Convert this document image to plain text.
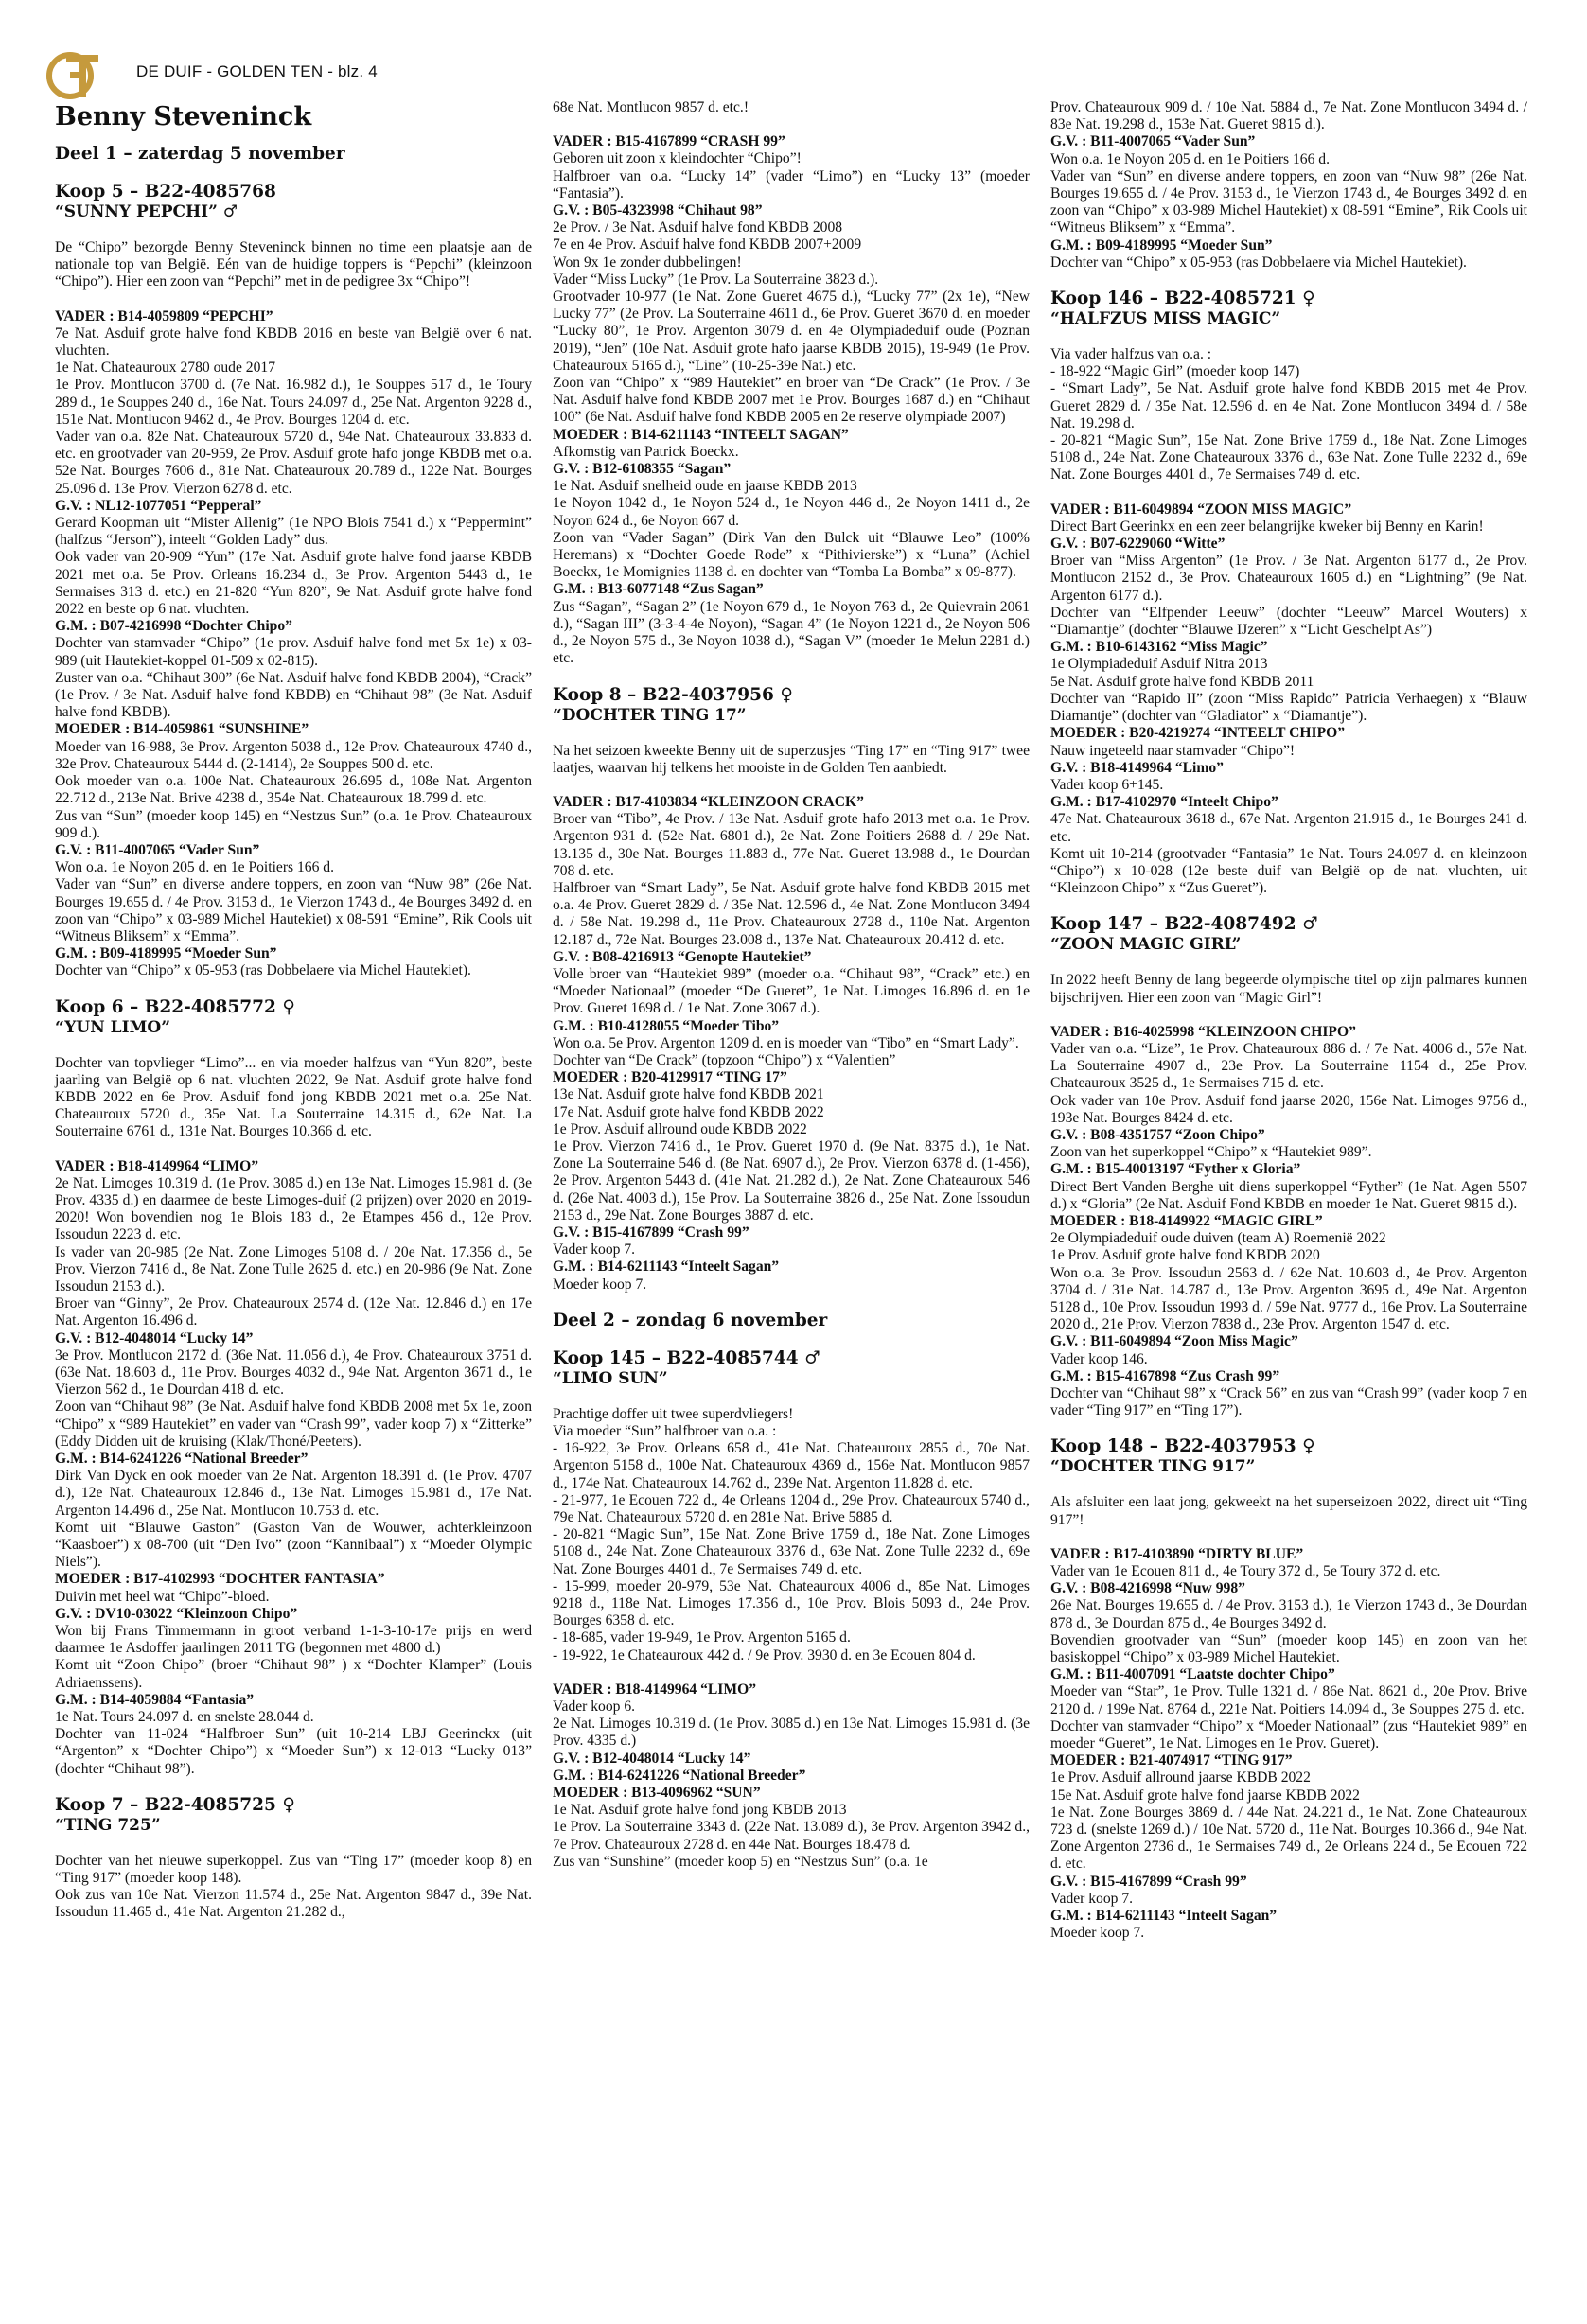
DE DUIF - GOLDEN TEN - blz. 4
Benny Steveninck
Deel 1 – zaterdag 5 november
Koop 5 – B22-4085768
“SUNNY PEPCHI” ♂
De “Chipo” bezorgde Benny Steveninck binnen no time een plaatsje aan de nationale top van België. Eén van de huidige toppers is “Pepchi” (kleinzoon “Chipo”). Hier een zoon van “Pepchi” met in de pedigree 3x “Chipo”!
VADER : B14-4059809 “PEPCHI”
7e Nat. Asduif grote halve fond KBDB 2016 en beste van België over 6 nat. vluchten.
1e Nat. Chateauroux 2780 oude 2017
1e Prov. Montlucon 3700 d. (7e Nat. 16.982 d.), 1e Souppes 517 d., 1e Toury 289 d., 1e Souppes 240 d., 16e Nat. Tours 24.097 d., 25e Nat. Argenton 9228 d., 151e Nat. Montlucon 9462 d., 4e Prov. Bourges 1204 d. etc.
Vader van o.a. 82e Nat. Chateauroux 5720 d., 94e Nat. Chateauroux 33.833 d. etc. en grootvader van 20-959, 2e Prov. Asduif grote hafo jonge KBDB met o.a. 52e Nat. Bourges 7606 d., 81e Nat. Chateauroux 20.789 d., 122e Nat. Bourges 25.096 d. 13e Prov. Vierzon 6278 d. etc.
G.V. : NL12-1077051 “Pepperal”
Gerard Koopman uit “Mister Allenig” (1e NPO Blois 7541 d.) x “Peppermint” (halfzus “Jerson”), inteelt “Golden Lady” dus.
Ook vader van 20-909 “Yun” (17e Nat. Asduif grote halve fond jaarse KBDB 2021 met o.a. 5e Prov. Orleans 16.234 d., 3e Prov. Argenton 5443 d., 1e Sermaises 313 d. etc.) en 21-820 “Yun 820”, 9e Nat. Asduif grote halve fond 2022 en beste op 6 nat. vluchten.
G.M. : B07-4216998 “Dochter Chipo”
Dochter van stamvader “Chipo” (1e prov. Asduif halve fond met 5x 1e) x 03-989 (uit Hautekiet-koppel 01-509 x 02-815).
Zuster van o.a. “Chihaut 300” (6e Nat. Asduif halve fond KBDB 2004), “Crack” (1e Prov. / 3e Nat. Asduif halve fond KBDB) en “Chihaut 98” (3e Nat. Asduif halve fond KBDB).
MOEDER : B14-4059861 “SUNSHINE”
Moeder van 16-988, 3e Prov. Argenton 5038 d., 12e Prov. Chateauroux 4740 d., 32e Prov. Chateauroux 5444 d. (2-1414), 2e Souppes 500 d. etc.
Ook moeder van o.a. 100e Nat. Chateauroux 26.695 d., 108e Nat. Argenton 22.712 d., 213e Nat. Brive 4238 d., 354e Nat. Chateauroux 18.799 d. etc.
Zus van “Sun” (moeder koop 145) en “Nestzus Sun” (o.a. 1e Prov. Chateauroux 909 d.).
G.V. : B11-4007065 “Vader Sun”
Won o.a. 1e Noyon 205 d. en 1e Poitiers 166 d.
Vader van “Sun” en diverse andere toppers, en zoon van “Nuw 98” (26e Nat. Bourges 19.655 d. / 4e Prov. 3153 d., 1e Vierzon 1743 d., 4e Bourges 3492 d. en zoon van “Chipo” x 03-989 Michel Hautekiet) x 08-591 “Emine”, Rik Cools uit “Witneus Bliksem” x “Emma”.
G.M. : B09-4189995 “Moeder Sun”
Dochter van “Chipo” x 05-953 (ras Dobbelaere via Michel Hautekiet).
Koop 6 – B22-4085772 ♀
“YUN LIMO”
Dochter van topvlieger “Limo”... en via moeder halfzus van “Yun 820”, beste jaarling van België op 6 nat. vluchten 2022, 9e Nat. Asduif grote halve fond KBDB 2022 en 6e Prov. Asduif fond jong KBDB 2021 met o.a. 25e Nat. Chateauroux 5720 d., 35e Nat. La Souterraine 14.315 d., 62e Nat. La Souterraine 6761 d., 131e Nat. Bourges 10.366 d. etc.
VADER : B18-4149964 “LIMO”
2e Nat. Limoges 10.319 d. (1e Prov. 3085 d.) en 13e Nat. Limoges 15.981 d. (3e Prov. 4335 d.) en daarmee de beste Limoges-duif (2 prijzen) over 2020 en 2019-2020! Won bovendien nog 1e Blois 183 d., 2e Etampes 456 d., 12e Prov. Issoudun 2223 d. etc.
Is vader van 20-985 (2e Nat. Zone Limoges 5108 d. / 20e Nat. 17.356 d., 5e Prov. Vierzon 7416 d., 8e Nat. Zone Tulle 2625 d. etc.) en 20-986 (9e Nat. Zone Issoudun 2153 d.).
Broer van “Ginny”, 2e Prov. Chateauroux 2574 d. (12e Nat. 12.846 d.) en 17e Nat. Argenton 16.496 d.
G.V. : B12-4048014 “Lucky 14”
3e Prov. Montlucon 2172 d. (36e Nat. 11.056 d.), 4e Prov. Chateauroux 3751 d. (63e Nat. 18.603 d., 11e Prov. Bourges 4032 d., 94e Nat. Argenton 3671 d., 1e Vierzon 562 d., 1e Dourdan 418 d. etc.
Zoon van “Chihaut 98” (3e Nat. Asduif halve fond KBDB 2008 met 5x 1e, zoon “Chipo” x “989 Hautekiet” en vader van “Crash 99”, vader koop 7) x “Zitterke” (Eddy Didden uit de kruising (Klak/Thoné/Peeters).
G.M. : B14-6241226 “National Breeder”
Dirk Van Dyck en ook moeder van 2e Nat. Argenton 18.391 d. (1e Prov. 4707 d.), 12e Nat. Chateauroux 12.846 d., 13e Nat. Limoges 15.981 d., 17e Nat. Argenton 14.496 d., 25e Nat. Montlucon 10.753 d. etc.
Komt uit “Blauwe Gaston” (Gaston Van de Wouwer, achterkleinzoon “Kaasboer”) x 08-700 (uit “Den Ivo” (zoon “Kannibaal”) x “Moeder Olympic Niels”).
MOEDER : B17-4102993 “DOCHTER FANTASIA”
Duivin met heel wat “Chipo”-bloed.
G.V. : DV10-03022 “Kleinzoon Chipo”
Won bij Frans Timmermann in groot verband 1-1-3-10-17e prijs en werd daarmee 1e Asdoffer jaarlingen 2011 TG (begonnen met 4800 d.)
Komt uit “Zoon Chipo” (broer “Chihaut 98” ) x “Dochter Klamper” (Louis Adriaenssens).
G.M. : B14-4059884 “Fantasia”
1e Nat. Tours 24.097 d. en snelste 28.044 d.
Dochter van 11-024 “Halfbroer Sun” (uit 10-214 LBJ Geerinckx (uit “Argenton” x “Dochter Chipo”) x “Moeder Sun”) x 12-013 “Lucky 013” (dochter “Chihaut 98”).
Koop 7 – B22-4085725 ♀
“TING 725”
Dochter van het nieuwe superkoppel. Zus van “Ting 17” (moeder koop 8) en “Ting 917” (moeder koop 148).
Ook zus van 10e Nat. Vierzon 11.574 d., 25e Nat. Argenton 9847 d., 39e Nat. Issoudun 11.465 d., 41e Nat. Argenton 21.282 d.,
68e Nat. Montlucon 9857 d. etc.!
VADER : B15-4167899 “CRASH 99”
Geboren uit zoon x kleindochter “Chipo”!
Halfbroer van o.a. “Lucky 14” (vader “Limo”) en “Lucky 13” (moeder “Fantasia”).
G.V. : B05-4323998 “Chihaut 98”
2e Prov. / 3e Nat. Asduif halve fond KBDB 2008
7e en 4e Prov. Asduif halve fond KBDB 2007+2009
Won 9x 1e zonder dubbelingen!
Vader “Miss Lucky” (1e Prov. La Souterraine 3823 d.).
Grootvader 10-977 (1e Nat. Zone Gueret 4675 d.), “Lucky 77” (2x 1e), “New Lucky 77” (2e Prov. La Souterraine 4611 d., 6e Prov. Gueret 3670 d. en moeder “Lucky 80”, 1e Prov. Argenton 3079 d. en 4e Olympiadeduif oude (Poznan 2019), “Jen” (10e Nat. Asduif grote hafo jaarse KBDB 2015), 19-949 (1e Prov. Chateauroux 5165 d.), “Line” (10-25-39e Nat.) etc.
Zoon van “Chipo” x “989 Hautekiet” en broer van “De Crack” (1e Prov. / 3e Nat. Asduif halve fond KBDB 2007 met 1e Prov. Bourges 1687 d.) en “Chihaut 100” (6e Nat. Asduif halve fond KBDB 2005 en 2e reserve olympiade 2007)
MOEDER : B14-6211143 “INTEELT SAGAN”
Afkomstig van Patrick Boeckx.
G.V. : B12-6108355 “Sagan”
1e Nat. Asduif snelheid oude en jaarse KBDB 2013
1e Noyon 1042 d., 1e Noyon 524 d., 1e Noyon 446 d., 2e Noyon 1411 d., 2e Noyon 624 d., 6e Noyon 667 d.
Zoon van “Vader Sagan” (Dirk Van den Bulck uit “Blauwe Leo” (100% Heremans) x “Dochter Goede Rode” x “Pithivierske”) x “Luna” (Achiel Boeckx, 1e Momignies 1138 d. en dochter van “Tomba La Bomba” x 09-877).
G.M. : B13-6077148 “Zus Sagan”
Zus “Sagan”, “Sagan 2” (1e Noyon 679 d., 1e Noyon 763 d., 2e Quievrain 2061 d.), “Sagan III” (3-3-4-4e Noyon), “Sagan 4” (1e Noyon 1221 d., 2e Noyon 506 d., 2e Noyon 575 d., 3e Noyon 1038 d.), “Sagan V” (moeder 1e Melun 2281 d.) etc.
Koop 8 – B22-4037956 ♀
“DOCHTER TING 17”
Na het seizoen kweekte Benny uit de superzusjes “Ting 17” en “Ting 917” twee laatjes, waarvan hij telkens het mooiste in de Golden Ten aanbiedt.
VADER : B17-4103834 “KLEINZOON CRACK”
Broer van “Tibo”, 4e Prov. / 13e Nat. Asduif grote hafo 2013 met o.a. 1e Prov. Argenton 931 d. (52e Nat. 6801 d.), 2e Nat. Zone Poitiers 2688 d. / 29e Nat. 13.135 d., 30e Nat. Bourges 11.883 d., 77e Nat. Gueret 13.988 d., 1e Dourdan 708 d. etc.
Halfbroer van “Smart Lady”, 5e Nat. Asduif grote halve fond KBDB 2015 met o.a. 4e Prov. Gueret 2829 d. / 35e Nat. 12.596 d., 4e Nat. Zone Montlucon 3494 d. / 58e Nat. 19.298 d., 11e Prov. Chateauroux 2728 d., 110e Nat. Argenton 12.187 d., 72e Nat. Bourges 23.008 d., 137e Nat. Chateauroux 20.412 d. etc.
G.V. : B08-4216913 “Genopte Hautekiet”
Volle broer van “Hautekiet 989” (moeder o.a. “Chihaut 98”, “Crack” etc.) en “Moeder Nationaal” (moeder “De Gueret”, 1e Nat. Limoges 16.896 d. en 1e Prov. Gueret 1698 d. / 1e Nat. Zone 3067 d.).
G.M. : B10-4128055 “Moeder Tibo”
Won o.a. 5e Prov. Argenton 1209 d. en is moeder van “Tibo” en “Smart Lady”.
Dochter van “De Crack” (topzoon “Chipo”) x “Valentien”
MOEDER : B20-4129917 “TING 17”
13e Nat. Asduif grote halve fond KBDB 2021
17e Nat. Asduif grote halve fond KBDB 2022
1e Prov. Asduif allround oude KBDB 2022
1e Prov. Vierzon 7416 d., 1e Prov. Gueret 1970 d. (9e Nat. 8375 d.), 1e Nat. Zone La Souterraine 546 d. (8e Nat. 6907 d.), 2e Prov. Vierzon 6378 d. (1-456), 2e Prov. Argenton 5443 d. (41e Nat. 21.282 d.), 2e Nat. Zone Chateauroux 546 d. (26e Nat. 4003 d.), 15e Prov. La Souterraine 3826 d., 25e Nat. Zone Issoudun 2153 d., 29e Nat. Zone Bourges 3887 d. etc.
G.V. : B15-4167899 “Crash 99”
Vader koop 7.
G.M. : B14-6211143 “Inteelt Sagan”
Moeder koop 7.
Deel 2 – zondag 6 november
Koop 145 – B22-4085744 ♂
“LIMO SUN”
Prachtige doffer uit twee superdvliegers!
Via moeder “Sun” halfbroer van o.a. :
- 16-922, 3e Prov. Orleans 658 d., 41e Nat. Chateauroux 2855 d., 70e Nat. Argenton 5158 d., 100e Nat. Chateauroux 4369 d., 156e Nat. Montlucon 9857 d., 174e Nat. Chateauroux 14.762 d., 239e Nat. Argenton 11.828 d. etc.
- 21-977, 1e Ecouen 722 d., 4e Orleans 1204 d., 29e Prov. Chateauroux 5740 d., 79e Nat. Chateauroux 5720 d. en 281e Nat. Brive 5885 d.
- 20-821 “Magic Sun”, 15e Nat. Zone Brive 1759 d., 18e Nat. Zone Limoges 5108 d., 24e Nat. Zone Chateauroux 3376 d., 63e Nat. Zone Tulle 2232 d., 69e Nat. Zone Bourges 4401 d., 7e Sermaises 749 d. etc.
- 15-999, moeder 20-979, 53e Nat. Chateauroux 4006 d., 85e Nat. Limoges 9218 d., 118e Nat. Limoges 17.356 d., 10e Prov. Blois 5093 d., 24e Prov. Bourges 6358 d. etc.
- 18-685, vader 19-949, 1e Prov. Argenton 5165 d.
- 19-922, 1e Chateauroux 442 d. / 9e Prov. 3930 d. en 3e Ecouen 804 d.
VADER : B18-4149964 “LIMO”
Vader koop 6.
2e Nat. Limoges 10.319 d. (1e Prov. 3085 d.) en 13e Nat. Limoges 15.981 d. (3e Prov. 4335 d.)
G.V. : B12-4048014 “Lucky 14”
G.M. : B14-6241226 “National Breeder”
MOEDER : B13-4096962 “SUN”
1e Nat. Asduif grote halve fond jong KBDB 2013
1e Prov. La Souterraine 3343 d. (22e Nat. 13.089 d.), 3e Prov. Argenton 3942 d., 7e Prov. Chateauroux 2728 d. en 44e Nat. Bourges 18.478 d.
Zus van “Sunshine” (moeder koop 5) en “Nestzus Sun” (o.a. 1e
Prov. Chateauroux 909 d. / 10e Nat. 5884 d., 7e Nat. Zone Montlucon 3494 d. / 83e Nat. 19.298 d., 153e Nat. Gueret 9815 d.).
G.V. : B11-4007065 “Vader Sun”
Won o.a. 1e Noyon 205 d. en 1e Poitiers 166 d.
Vader van “Sun” en diverse andere toppers, en zoon van “Nuw 98” (26e Nat. Bourges 19.655 d. / 4e Prov. 3153 d., 1e Vierzon 1743 d., 4e Bourges 3492 d. en zoon van “Chipo” x 03-989 Michel Hautekiet) x 08-591 “Emine”, Rik Cools uit “Witneus Bliksem” x “Emma”.
G.M. : B09-4189995 “Moeder Sun”
Dochter van “Chipo” x 05-953 (ras Dobbelaere via Michel Hautekiet).
Koop 146 – B22-4085721 ♀
“HALFZUS MISS MAGIC”
Via vader halfzus van o.a. :
- 18-922 “Magic Girl” (moeder koop 147)
- “Smart Lady”, 5e Nat. Asduif grote halve fond KBDB 2015 met 4e Prov. Gueret 2829 d. / 35e Nat. 12.596 d. en 4e Nat. Zone Montlucon 3494 d. / 58e Nat. 19.298 d.
- 20-821 “Magic Sun”, 15e Nat. Zone Brive 1759 d., 18e Nat. Zone Limoges 5108 d., 24e Nat. Zone Chateauroux 3376 d., 63e Nat. Zone Tulle 2232 d., 69e Nat. Zone Bourges 4401 d., 7e Sermaises 749 d. etc.
VADER : B11-6049894 “ZOON MISS MAGIC”
Direct Bart Geerinkx en een zeer belangrijke kweker bij Benny en Karin!
G.V. : B07-6229060 “Witte”
Broer van “Miss Argenton” (1e Prov. / 3e Nat. Argenton 6177 d., 2e Prov. Montlucon 2152 d., 3e Prov. Chateauroux 1605 d.) en “Lightning” (9e Nat. Argenton 6177 d.).
Dochter van “Elfpender Leeuw” (dochter “Leeuw” Marcel Wouters) x “Diamantje” (dochter “Blauwe IJzeren” x “Licht Geschelpt As”)
G.M. : B10-6143162 “Miss Magic”
1e Olympiadeduif Asduif Nitra 2013
5e Nat. Asduif grote halve fond KBDB 2011
Dochter van “Rapido II” (zoon “Miss Rapido” Patricia Verhaegen) x “Blauw Diamantje” (dochter van “Gladiator” x “Diamantje”).
MOEDER : B20-4219274 “INTEELT CHIPO”
Nauw ingeteeld naar stamvader “Chipo”!
G.V. : B18-4149964 “Limo”
Vader koop 6+145.
G.M. : B17-4102970 “Inteelt Chipo”
47e Nat. Chateauroux 3618 d., 67e Nat. Argenton 21.915 d., 1e Bourges 241 d. etc.
Komt uit 10-214 (grootvader “Fantasia” 1e Nat. Tours 24.097 d. en kleinzoon “Chipo”) x 10-028 (12e beste duif van België op de nat. vluchten, uit “Kleinzoon Chipo” x “Zus Gueret”).
Koop 147 – B22-4087492 ♂
“ZOON MAGIC GIRL”
In 2022 heeft Benny de lang begeerde olympische titel op zijn palmares kunnen bijschrijven. Hier een zoon van “Magic Girl”!
VADER : B16-4025998 “KLEINZOON CHIPO”
Vader van o.a. “Lize”, 1e Prov. Chateauroux 886 d. / 7e Nat. 4006 d., 57e Nat. La Souterraine 4907 d., 23e Prov. La Souterraine 1154 d., 25e Prov. Chateauroux 3525 d., 1e Sermaises 715 d. etc.
Ook vader van 10e Prov. Asduif fond jaarse 2020, 156e Nat. Limoges 9756 d., 193e Nat. Bourges 8424 d. etc.
G.V. : B08-4351757 “Zoon Chipo”
Zoon van het superkoppel “Chipo” x “Hautekiet 989”.
G.M. : B15-40013197 “Fyther x Gloria”
Direct Bert Vanden Berghe uit diens superkoppel “Fyther” (1e Nat. Agen 5507 d.) x “Gloria” (2e Nat. Asduif Fond KBDB en moeder 1e Nat. Gueret 9815 d.).
MOEDER : B18-4149922 “MAGIC GIRL”
2e Olympiadeduif oude duiven (team A) Roemenië 2022
1e Prov. Asduif grote halve fond KBDB 2020
Won o.a. 3e Prov. Issoudun 2563 d. / 62e Nat. 10.603 d., 4e Prov. Argenton 3704 d. / 31e Nat. 14.787 d., 13e Prov. Argenton 3695 d., 49e Nat. Argenton 5128 d., 10e Prov. Issoudun 1993 d. / 59e Nat. 9777 d., 16e Prov. La Souterraine 2020 d., 21e Prov. Vierzon 7838 d., 23e Prov. Argenton 1547 d. etc.
G.V. : B11-6049894 “Zoon Miss Magic”
Vader koop 146.
G.M. : B15-4167898 “Zus Crash 99”
Dochter van “Chihaut 98” x “Crack 56” en zus van “Crash 99” (vader koop 7 en vader “Ting 917” en “Ting 17”).
Koop 148 – B22-4037953 ♀
“DOCHTER TING 917”
Als afsluiter een laat jong, gekweekt na het superseizoen 2022, direct uit “Ting 917”!
VADER : B17-4103890 “DIRTY BLUE”
Vader van 1e Ecouen 811 d., 4e Toury 372 d., 5e Toury 372 d. etc.
G.V. : B08-4216998 “Nuw 998”
26e Nat. Bourges 19.655 d. / 4e Prov. 3153 d.), 1e Vierzon 1743 d., 3e Dourdan 878 d., 3e Dourdan 875 d., 4e Bourges 3492 d.
Bovendien grootvader van “Sun” (moeder koop 145) en zoon van het basiskoppel “Chipo” x 03-989 Michel Hautekiet.
G.M. : B11-4007091 “Laatste dochter Chipo”
Moeder van “Star”, 1e Prov. Tulle 1321 d. / 86e Nat. 8621 d., 20e Prov. Brive 2120 d. / 199e Nat. 8764 d., 221e Nat. Poitiers 14.094 d., 3e Souppes 275 d. etc.
Dochter van stamvader “Chipo” x “Moeder Nationaal” (zus “Hautekiet 989” en moeder “Gueret”, 1e Nat. Limoges en 1e Prov. Gueret).
MOEDER : B21-4074917 “TING 917”
1e Prov. Asduif allround jaarse KBDB 2022
15e Nat. Asduif grote halve fond jaarse KBDB 2022
1e Nat. Zone Bourges 3869 d. / 44e Nat. 24.221 d., 1e Nat. Zone Chateauroux 723 d. (snelste 1269 d.) / 10e Nat. 5720 d., 11e Nat. Bourges 10.366 d., 94e Nat. Zone Argenton 2736 d., 1e Sermaises 749 d., 2e Orleans 224 d., 5e Ecouen 722 d. etc.
G.V. : B15-4167899 “Crash 99”
Vader koop 7.
G.M. : B14-6211143 “Inteelt Sagan”
Moeder koop 7.
